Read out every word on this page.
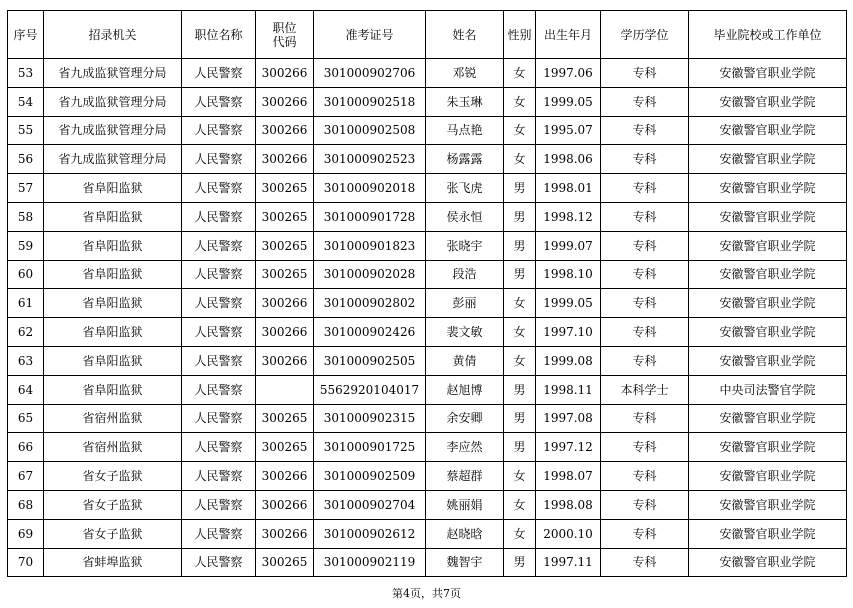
序号	招录机关	职位名称	职位代码	准考证号	姓名	性别	出生年月	学历学位	毕业院校或工作单位
53	省九成监狱管理分局	人民警察	300266	301000902706	邓锐	女	1997.06	专科	安徽警官职业学院
54	省九成监狱管理分局	人民警察	300266	301000902518	朱玉琳	女	1999.05	专科	安徽警官职业学院
55	省九成监狱管理分局	人民警察	300266	301000902508	马点艳	女	1995.07	专科	安徽警官职业学院
56	省九成监狱管理分局	人民警察	300266	301000902523	杨露露	女	1998.06	专科	安徽警官职业学院
57	省阜阳监狱	人民警察	300265	301000902018	张飞虎	男	1998.01	专科	安徽警官职业学院
58	省阜阳监狱	人民警察	300265	301000901728	侯永恒	男	1998.12	专科	安徽警官职业学院
59	省阜阳监狱	人民警察	300265	301000901823	张晓宇	男	1999.07	专科	安徽警官职业学院
60	省阜阳监狱	人民警察	300265	301000902028	段浩	男	1998.10	专科	安徽警官职业学院
61	省阜阳监狱	人民警察	300266	301000902802	彭丽	女	1999.05	专科	安徽警官职业学院
62	省阜阳监狱	人民警察	300266	301000902426	裴文敏	女	1997.10	专科	安徽警官职业学院
63	省阜阳监狱	人民警察	300266	301000902505	黄倩	女	1999.08	专科	安徽警官职业学院
64	省阜阳监狱	人民警察		5562920104017	赵旭博	男	1998.11	本科学士	中央司法警官学院
65	省宿州监狱	人民警察	300265	301000902315	余安卿	男	1997.08	专科	安徽警官职业学院
66	省宿州监狱	人民警察	300265	301000901725	李应然	男	1997.12	专科	安徽警官职业学院
67	省女子监狱	人民警察	300266	301000902509	蔡超群	女	1998.07	专科	安徽警官职业学院
68	省女子监狱	人民警察	300266	301000902704	姚丽娟	女	1998.08	专科	安徽警官职业学院
69	省女子监狱	人民警察	300266	301000902612	赵晓晗	女	2000.10	专科	安徽警官职业学院
70	省蚌埠监狱	人民警察	300265	301000902119	魏智宇	男	1997.11	专科	安徽警官职业学院
第4页，共7页
